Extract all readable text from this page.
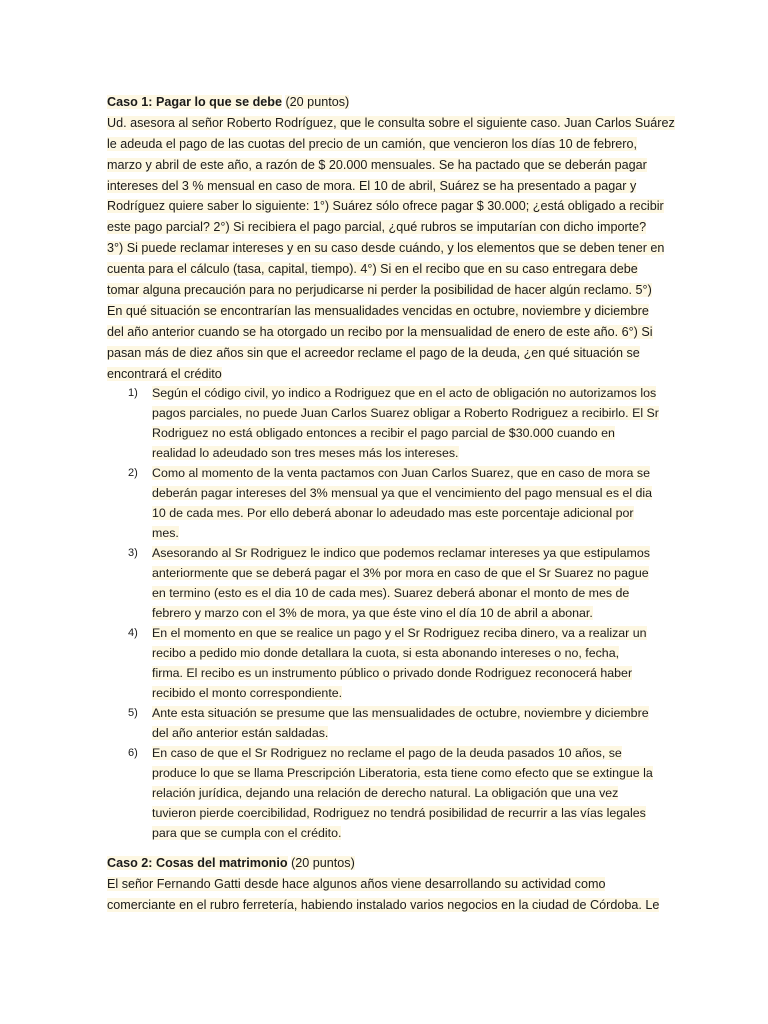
Caso 1: Pagar lo que se debe (20 puntos)
Ud. asesora al señor Roberto Rodríguez, que le consulta sobre el siguiente caso. Juan Carlos Suárez
le adeuda el pago de las cuotas del precio de un camión, que vencieron los días 10 de febrero,
marzo y abril de este año, a razón de $ 20.000 mensuales. Se ha pactado que se deberán pagar
intereses del 3 % mensual en caso de mora. El 10 de abril, Suárez se ha presentado a pagar y
Rodríguez quiere saber lo siguiente: 1°) Suárez sólo ofrece pagar $ 30.000; ¿está obligado a recibir
este pago parcial? 2°) Si recibiera el pago parcial, ¿qué rubros se imputarían con dicho importe?
3°) Si puede reclamar intereses y en su caso desde cuándo, y los elementos que se deben tener en
cuenta para el cálculo (tasa, capital, tiempo). 4°) Si en el recibo que en su caso entregara debe
tomar alguna precaución para no perjudicarse ni perder la posibilidad de hacer algún reclamo. 5°)
En qué situación se encontrarían las mensualidades vencidas en octubre, noviembre y diciembre
del año anterior cuando se ha otorgado un recibo por la mensualidad de enero de este año. 6°) Si
pasan más de diez años sin que el acreedor reclame el pago de la deuda, ¿en qué situación se
encontrará el crédito
1) Según el código civil, yo indico a Rodriguez que en el acto de obligación no autorizamos los
pagos parciales, no puede Juan Carlos Suarez obligar a Roberto Rodriguez a recibirlo. El Sr
Rodriguez no está obligado entonces a recibir el pago parcial de $30.000 cuando en
realidad lo adeudado son tres meses más los intereses.
2) Como al momento de la venta pactamos con Juan Carlos Suarez, que en caso de mora se
deberán pagar intereses del 3% mensual ya que el vencimiento del pago mensual es el dia
10 de cada mes. Por ello deberá abonar lo adeudado mas este porcentaje adicional por
mes.
3) Asesorando al Sr Rodriguez le indico que podemos reclamar intereses ya que estipulamos
anteriormente que se deberá pagar el 3% por mora en caso de que el Sr Suarez no pague
en termino (esto es el dia 10 de cada mes). Suarez deberá abonar el monto de mes de
febrero y marzo con el 3% de mora, ya que éste vino el día 10 de abril a abonar.
4) En el momento en que se realice un pago y el Sr Rodriguez reciba dinero, va a realizar un
recibo a pedido mio donde detallara la cuota, si esta abonando intereses o no, fecha,
firma. El recibo es un instrumento público o privado donde Rodriguez reconocerá haber
recibido el monto correspondiente.
5) Ante esta situación se presume que las mensualidades de octubre, noviembre y diciembre
del año anterior están saldadas.
6) En caso de que el Sr Rodriguez no reclame el pago de la deuda pasados 10 años, se
produce lo que se llama Prescripción Liberatoria, esta tiene como efecto que se extingue la
relación jurídica, dejando una relación de derecho natural. La obligación que una vez
tuvieron pierde coercibilidad, Rodriguez no tendrá posibilidad de recurrir a las vías legales
para que se cumpla con el crédito.
Caso 2: Cosas del matrimonio (20 puntos)
El señor Fernando Gatti desde hace algunos años viene desarrollando su actividad como
comerciante en el rubro ferretería, habiendo instalado varios negocios en la ciudad de Córdoba. Le
